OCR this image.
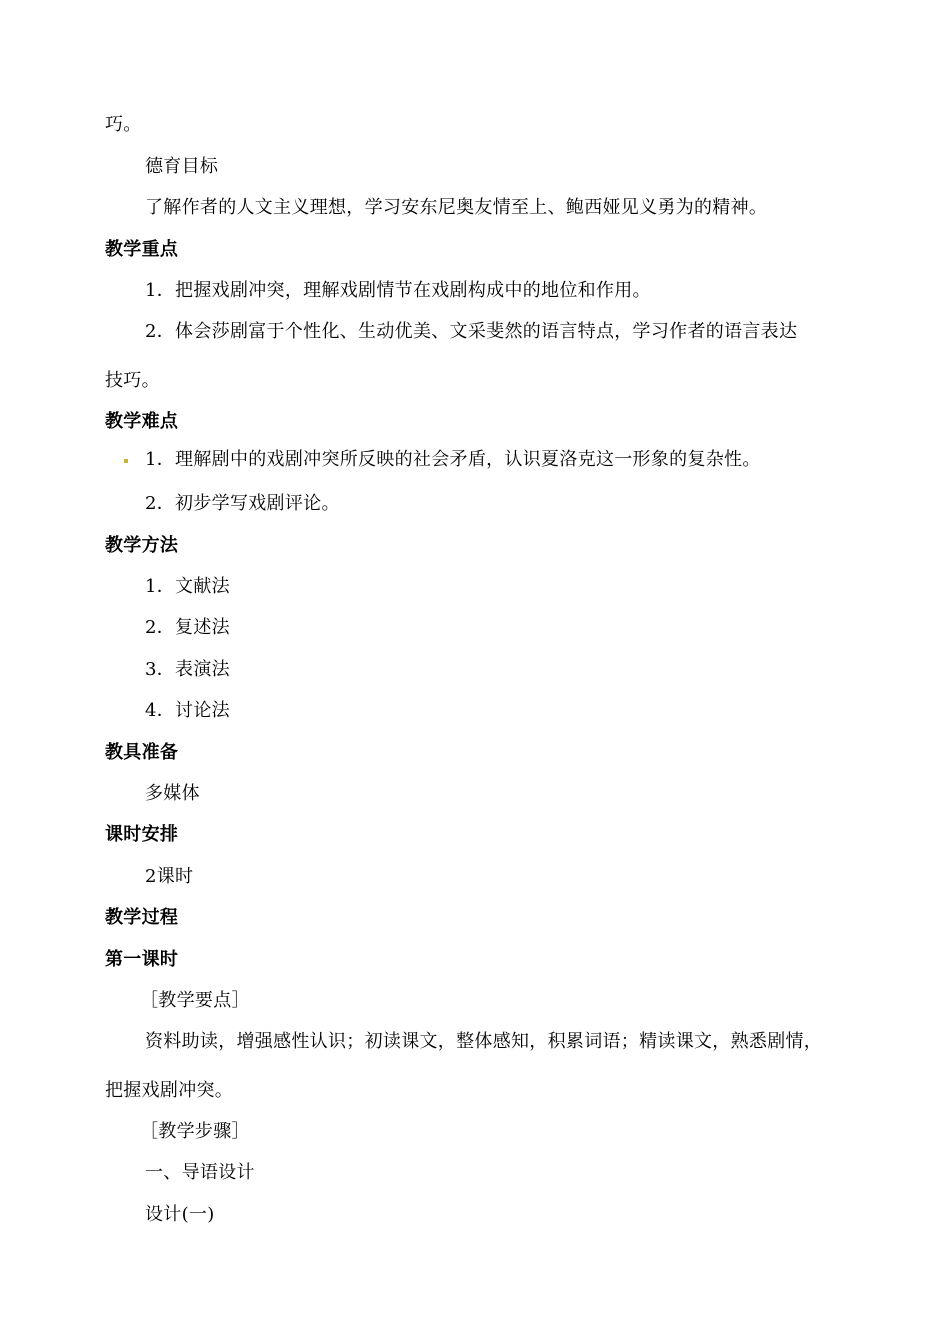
巧。
德育目标
了解作者的人文主义理想，学习安东尼奥友情至上、鲍西娅见义勇为的精神。
教学重点
1．把握戏剧冲突，理解戏剧情节在戏剧构成中的地位和作用。
2．体会莎剧富于个性化、生动优美、文采斐然的语言特点，学习作者的语言表达
技巧。
教学难点
1．理解剧中的戏剧冲突所反映的社会矛盾，认识夏洛克这一形象的复杂性。
2．初步学写戏剧评论。
教学方法
1．文献法
2．复述法
3．表演法
4．讨论法
教具准备
多媒体
课时安排
2课时
教学过程
第一课时
［教学要点］
资料助读，增强感性认识；初读课文，整体感知，积累词语；精读课文，熟悉剧情，
把握戏剧冲突。
［教学步骤］
一、导语设计
设计(一)
